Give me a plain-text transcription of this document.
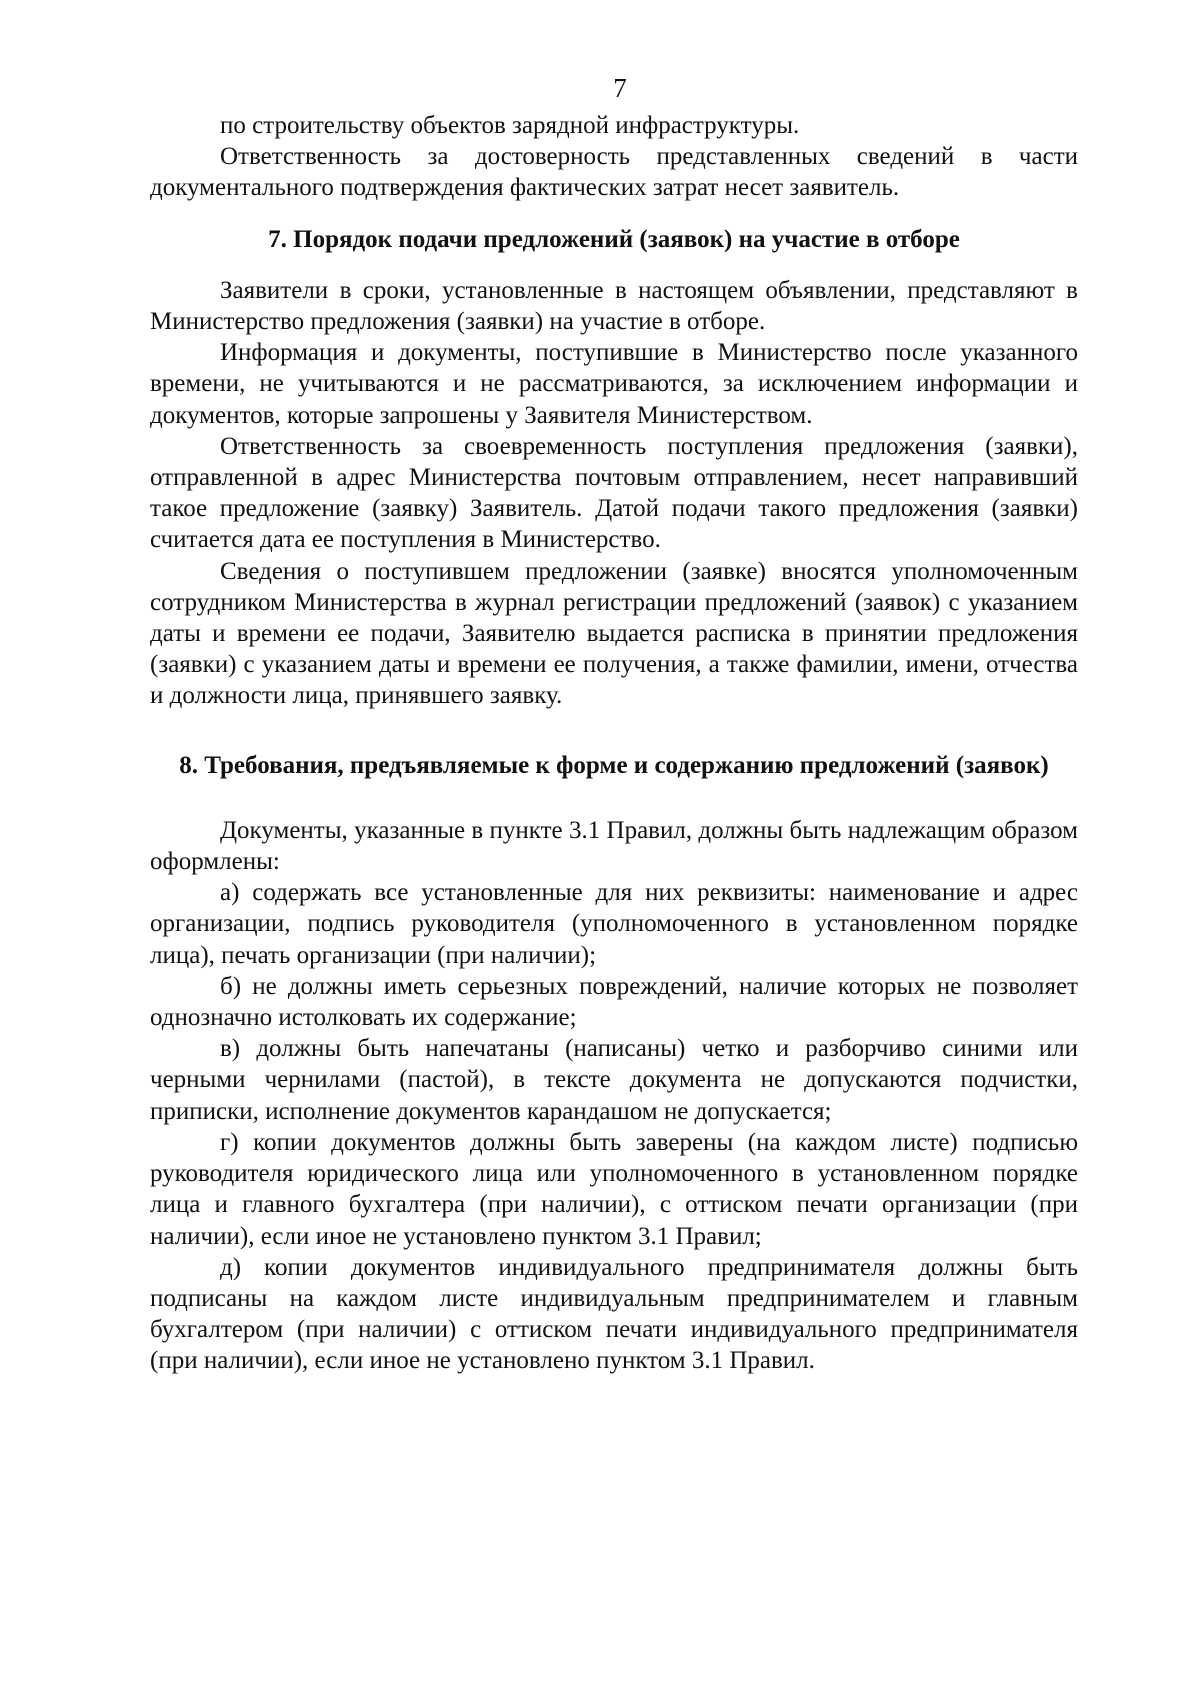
7

по строительству объектов зарядной инфраструктуры.

Ответственность за достоверность представленных сведений в части документального подтверждения фактических затрат несет заявитель.

7. Порядок подачи предложений (заявок) на участие в отборе

Заявители в сроки, установленные в настоящем объявлении, представляют в Министерство предложения (заявки) на участие в отборе.

Информация и документы, поступившие в Министерство после указанного времени, не учитываются и не рассматриваются, за исключением информации и документов, которые запрошены у Заявителя Министерством.

Ответственность за своевременность поступления предложения (заявки), отправленной в адрес Министерства почтовым отправлением, несет направивший такое предложение (заявку) Заявитель. Датой подачи такого предложения (заявки) считается дата ее поступления в Министерство.

Сведения о поступившем предложении (заявке) вносятся уполномоченным сотрудником Министерства в журнал регистрации предложений (заявок) с указанием даты и времени ее подачи, Заявителю выдается расписка в принятии предложения (заявки) с указанием даты и времени ее получения, а также фамилии, имени, отчества и должности лица, принявшего заявку.

8. Требования, предъявляемые к форме и содержанию предложений (заявок)

Документы, указанные в пункте 3.1 Правил, должны быть надлежащим образом оформлены:

а) содержать все установленные для них реквизиты: наименование и адрес организации, подпись руководителя (уполномоченного в установленном порядке лица), печать организации (при наличии);

б) не должны иметь серьезных повреждений, наличие которых не позволяет однозначно истолковать их содержание;

в) должны быть напечатаны (написаны) четко и разборчиво синими или черными чернилами (пастой), в тексте документа не допускаются подчистки, приписки, исполнение документов карандашом не допускается;

г) копии документов должны быть заверены (на каждом листе) подписью руководителя юридического лица или уполномоченного в установленном порядке лица и главного бухгалтера (при наличии), с оттиском печати организации (при наличии), если иное не установлено пунктом 3.1 Правил;

д) копии документов индивидуального предпринимателя должны быть подписаны на каждом листе индивидуальным предпринимателем и главным бухгалтером (при наличии) с оттиском печати индивидуального предпринимателя (при наличии), если иное не установлено пунктом 3.1 Правил.
